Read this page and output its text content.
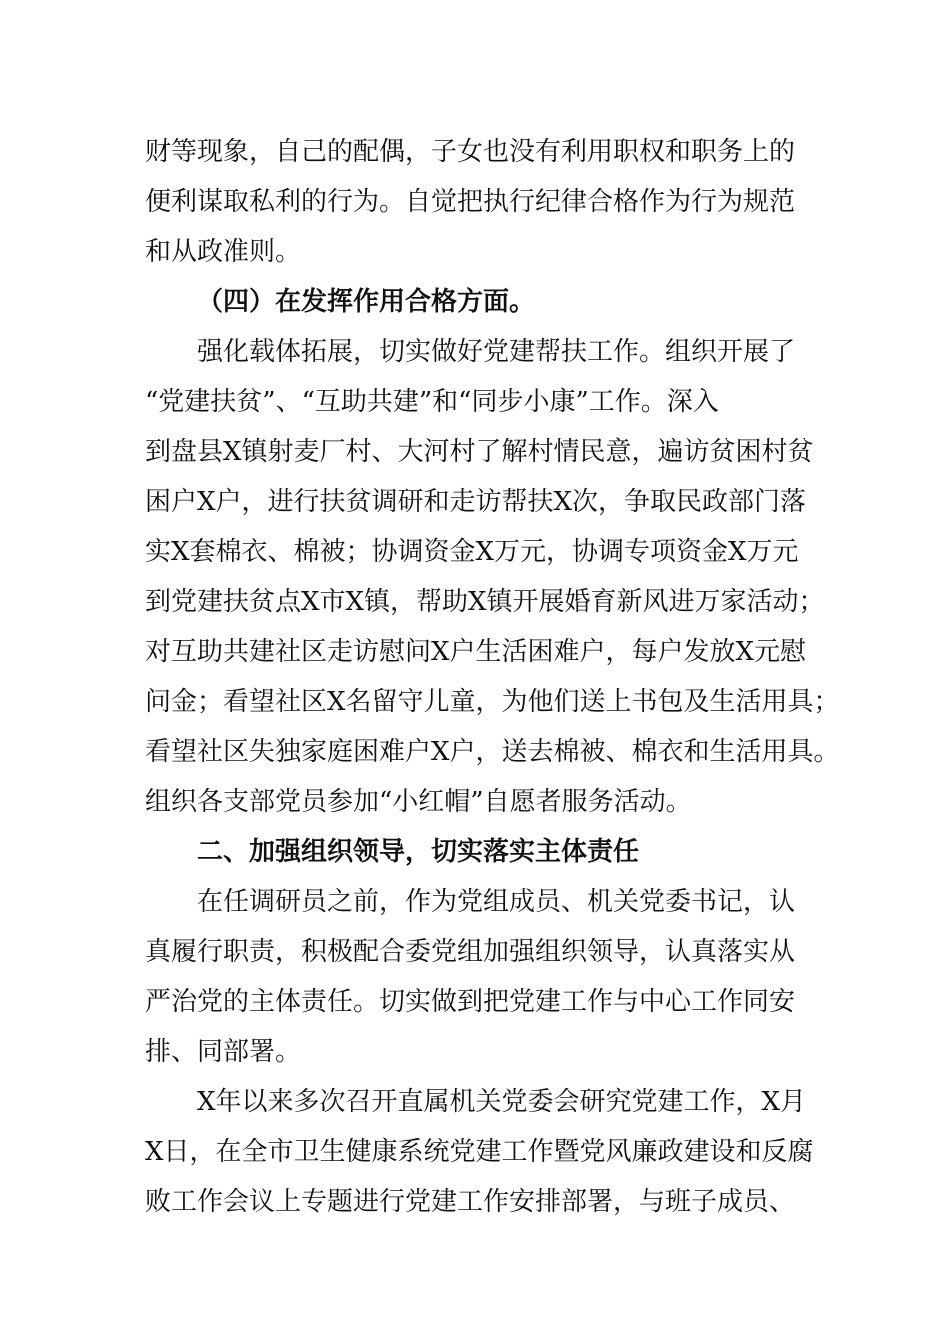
财等现象，自己的配偶，子女也没有利用职权和职务上的
便利谋取私利的行为。自觉把执行纪律合格作为行为规范
和从政准则。
（四）在发挥作用合格方面。
强化载体拓展，切实做好党建帮扶工作。组织开展了
“党建扶贫”、“互助共建”和“同步小康”工作。深入
到盘县X镇射麦厂村、大河村了解村情民意，遍访贫困村贫
困户X户，进行扶贫调研和走访帮扶X次，争取民政部门落
实X套棉衣、棉被；协调资金X万元，协调专项资金X万元
到党建扶贫点X市X镇，帮助X镇开展婚育新风进万家活动；
对互助共建社区走访慰问X户生活困难户，每户发放X元慰
问金；看望社区X名留守儿童，为他们送上书包及生活用具；
看望社区失独家庭困难户X户，送去棉被、棉衣和生活用具。
组织各支部党员参加“小红帽”自愿者服务活动。
二、加强组织领导，切实落实主体责任
在任调研员之前，作为党组成员、机关党委书记，认
真履行职责，积极配合委党组加强组织领导，认真落实从
严治党的主体责任。切实做到把党建工作与中心工作同安
排、同部署。
X年以来多次召开直属机关党委会研究党建工作，X月
X日，在全市卫生健康系统党建工作暨党风廉政建设和反腐
败工作会议上专题进行党建工作安排部署，与班子成员、
